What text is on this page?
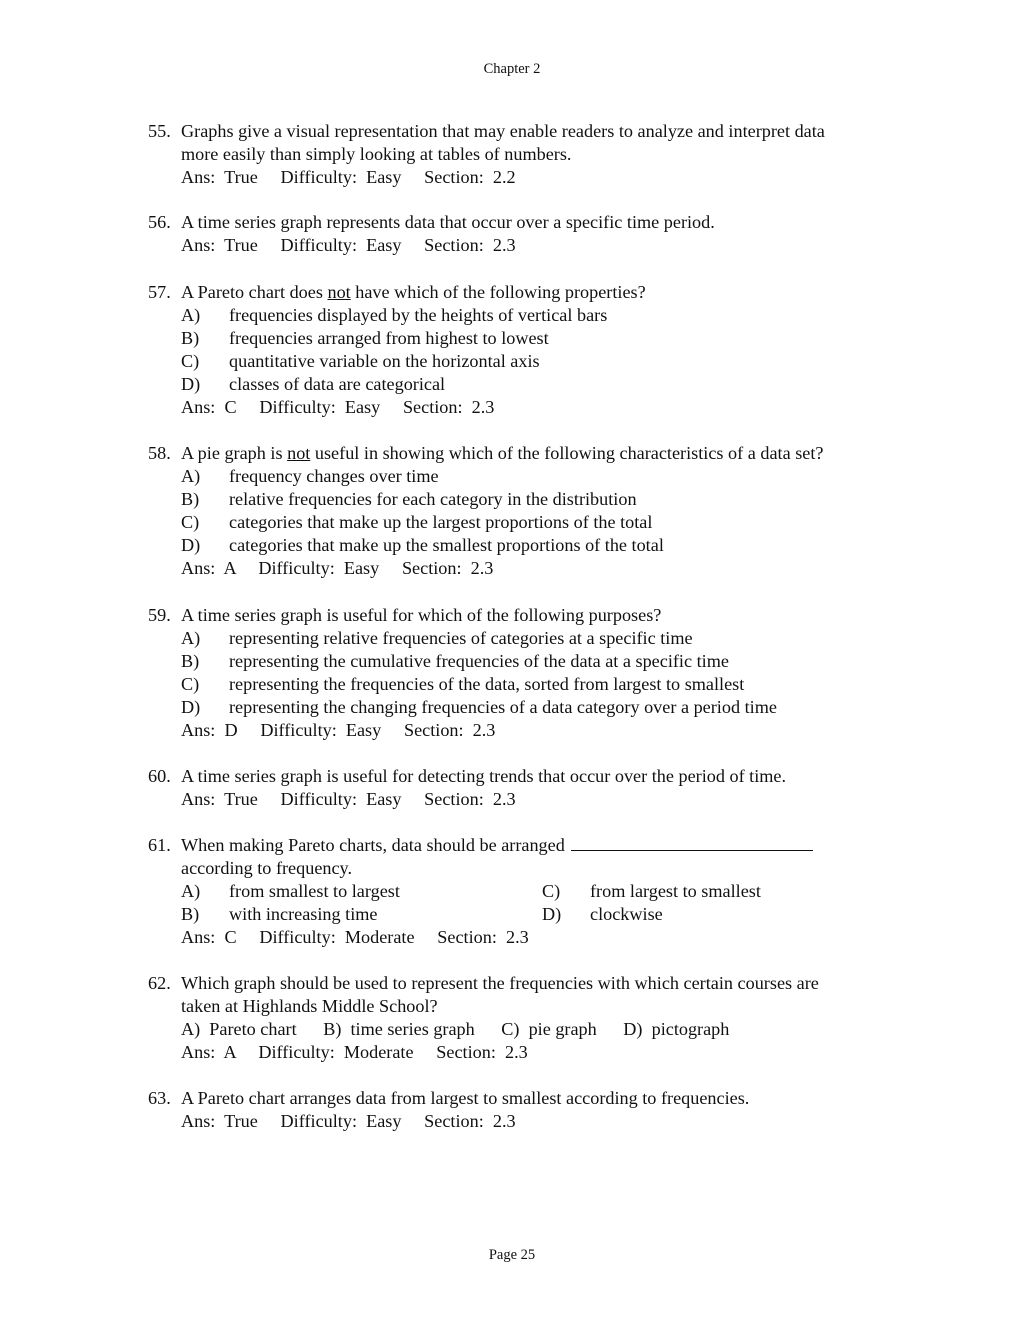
Chapter 2
55. Graphs give a visual representation that may enable readers to analyze and interpret data
more easily than simply looking at tables of numbers.
Ans:  True     Difficulty:  Easy     Section:  2.2
56. A time series graph represents data that occur over a specific time period.
Ans:  True     Difficulty:  Easy     Section:  2.3
57. A Pareto chart does not have which of the following properties?
A)	frequencies displayed by the heights of vertical bars
B)	frequencies arranged from highest to lowest
C)	quantitative variable on the horizontal axis
D)	classes of data are categorical
Ans:  C     Difficulty:  Easy     Section:  2.3
58. A pie graph is not useful in showing which of the following characteristics of a data set?
A)	frequency changes over time
B)	relative frequencies for each category in the distribution
C)	categories that make up the largest proportions of the total
D)	categories that make up the smallest proportions of the total
Ans:  A     Difficulty:  Easy     Section:  2.3
59. A time series graph is useful for which of the following purposes?
A)	representing relative frequencies of categories at a specific time
B)	representing the cumulative frequencies of the data at a specific time
C)	representing the frequencies of the data, sorted from largest to smallest
D)	representing the changing frequencies of a data category over a period time
Ans:  D     Difficulty:  Easy     Section:  2.3
60. A time series graph is useful for detecting trends that occur over the period of time.
Ans:  True     Difficulty:  Easy     Section:  2.3
61. When making Pareto charts, data should be arranged
according to frequency.
A)	from smallest to largest	C)	from largest to smallest
B)	with increasing time	D)	clockwise
Ans:  C     Difficulty:  Moderate     Section:  2.3
62. Which graph should be used to represent the frequencies with which certain courses are
taken at Highlands Middle School?
A) Pareto chart B) time series graph C) pie graph D) pictograph
Ans:  A     Difficulty:  Moderate     Section:  2.3
63. A Pareto chart arranges data from largest to smallest according to frequencies.
Ans:  True     Difficulty:  Easy     Section:  2.3
Page 25
